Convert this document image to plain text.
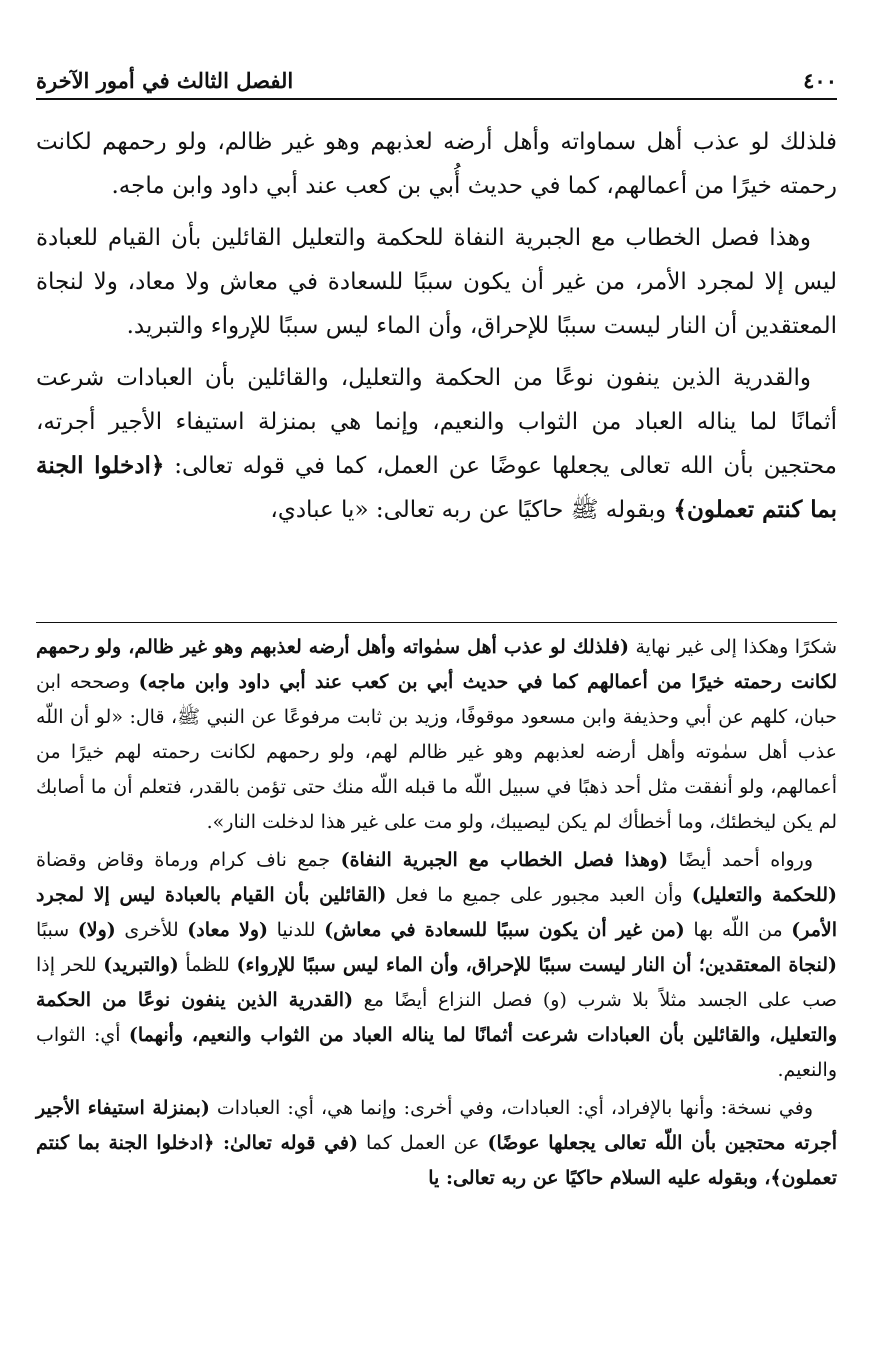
٤٠٠
الفصل الثالث في أمور الآخرة

فلذلك لو عذب أهل سماواته وأهل أرضه لعذبهم وهو غير ظالم، ولو رحمهم لكانت رحمته خيرًا من أعمالهم، كما في حديث أُبي بن كعب عند أبي داود وابن ماجه.

وهذا فصل الخطاب مع الجبرية النفاة للحكمة والتعليل القائلين بأن القيام للعبادة ليس إلا لمجرد الأمر، من غير أن يكون سببًا للسعادة في معاش ولا معاد، ولا لنجاة المعتقدين أن النار ليست سببًا للإحراق، وأن الماء ليس سببًا للإرواء والتبريد.

والقدرية الذين ينفون نوعًا من الحكمة والتعليل، والقائلين بأن العبادات شرعت أثمانًا لما يناله العباد من الثواب والنعيم، وإنما هي بمنزلة استيفاء الأجير أجرته، محتجين بأن الله تعالى يجعلها عوضًا عن العمل، كما في قوله تعالى: ﴿ادخلوا الجنة بما كنتم تعملون﴾ وبقوله ﷺ حاكيًا عن ربه تعالى: «يا عبادي،

شكرًا وهكذا إلى غير نهاية (فلذلك لو عذب أهل سمٰواته وأهل أرضه لعذبهم وهو غير ظالم، ولو رحمهم لكانت رحمته خيرًا من أعمالهم كما في حديث أبي بن كعب عند أبي داود وابن ماجه) وصححه ابن حبان، كلهم عن أبي وحذيفة وابن مسعود موقوفًا، وزيد بن ثابت مرفوعًا عن النبي ﷺ، قال: «لو أن اللّه عذب أهل سمٰوته وأهل أرضه لعذبهم وهو غير ظالم لهم، ولو رحمهم لكانت رحمته لهم خيرًا من أعمالهم، ولو أنفقت مثل أحد ذهبًا في سبيل اللّه ما قبله اللّه منك حتى تؤمن بالقدر، فتعلم أن ما أصابك لم يكن ليخطئك، وما أخطأك لم يكن ليصيبك، ولو مت على غير هذا لدخلت النار».

ورواه أحمد أيضًا (وهذا فصل الخطاب مع الجبرية النفاة) جمع ناف كرام ورماة وقاض وقضاة (للحكمة والتعليل) وأن العبد مجبور على جميع ما فعل (القائلين بأن القيام بالعبادة ليس إلا لمجرد الأمر) من اللّه بها (من غير أن يكون سببًا للسعادة في معاش) للدنيا (ولا معاد) للأخرى (ولا) سببًا (لنجاة المعتقدين؛ أن النار ليست سببًا للإحراق، وأن الماء ليس سببًا للإرواء) للظمأ (والتبريد) للحر إذا صب على الجسد مثلاً بلا شرب (و) فصل النزاع أيضًا مع (القدرية الذين ينفون نوعًا من الحكمة والتعليل، والقائلين بأن العبادات شرعت أثمانًا لما يناله العباد من الثواب والنعيم، وأنهما) أي: الثواب والنعيم.

وفي نسخة: وأنها بالإفراد، أي: العبادات، وفي أخرى: وإنما هي، أي: العبادات (بمنزلة استيفاء الأجير أجرته محتجين بأن اللّه تعالى يجعلها عوضًا) عن العمل كما (في قوله تعالىٰ: ﴿ادخلوا الجنة بما كنتم تعملون﴾، وبقوله عليه السلام حاكيًا عن ربه تعالى: يا
